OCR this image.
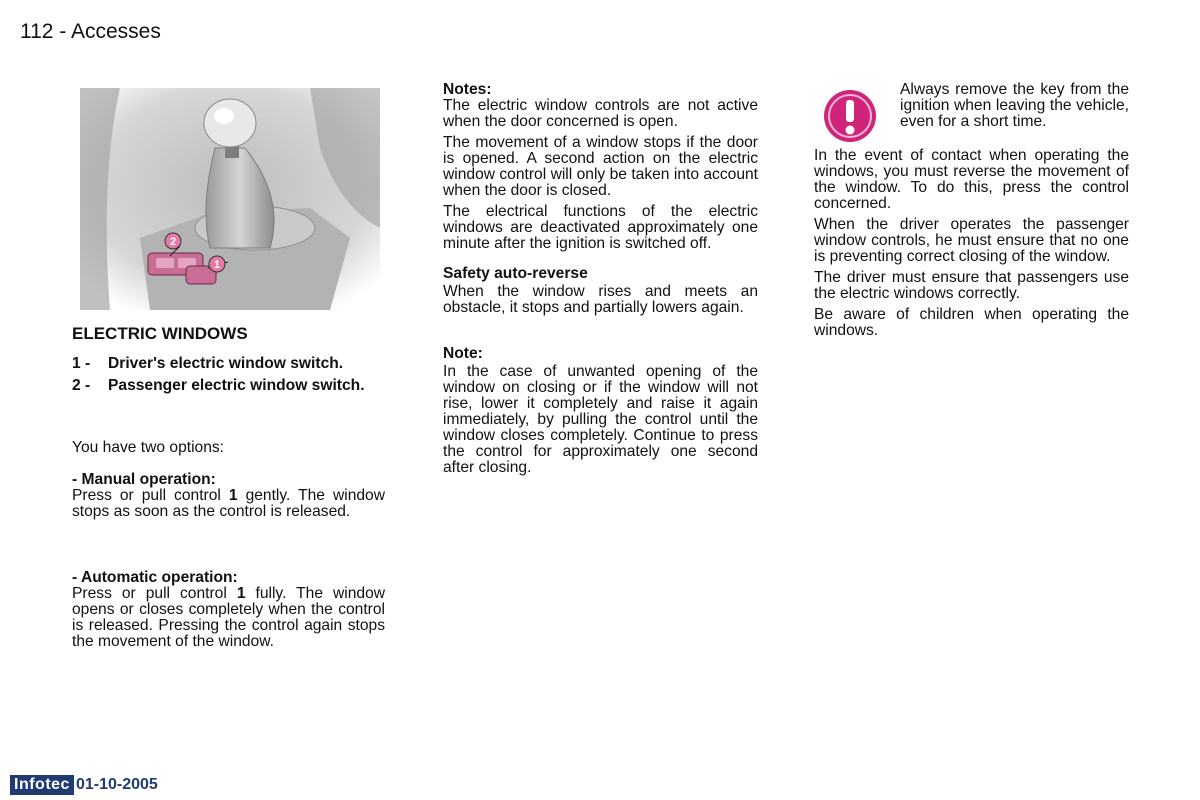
112 - Accesses
1
2
ELECTRIC WINDOWS
1 -	Driver's electric window switch.
2 -	Passenger electric window switch.

You have two options:

- Manual operation:

Press or pull control 1 gently. The window stops as soon as the control is released.

- Automatic operation:

Press or pull control 1 fully. The window opens or closes completely when the control is released. Pressing the control again stops the movement of the window.

Notes:

The electric window controls are not active when the door concerned is open.

The movement of a window stops if the door is opened. A second action on the electric window control will only be taken into account when the door is closed.

The electrical functions of the electric windows are deactivated approximately one minute after the ignition is switched off.

Safety auto-reverse

When the window rises and meets an obstacle, it stops and partially lowers again.

Note:

In the case of unwanted opening of the window on closing or if the window will not rise, lower it completely and raise it again immediately, by pulling the control until the window closes completely. Continue to press the control for approximately one second after closing.

Always remove the key from the ignition when leaving the vehicle, even for a short time.

In the event of contact when operating the windows, you must reverse the movement of the window. To do this, press the control concerned.

When the driver operates the passenger window controls, he must ensure that no one is preventing correct closing of the window.

The driver must ensure that passengers use the electric windows correctly.

Be aware of children when operating the windows.

Infotec 01-10-2005
